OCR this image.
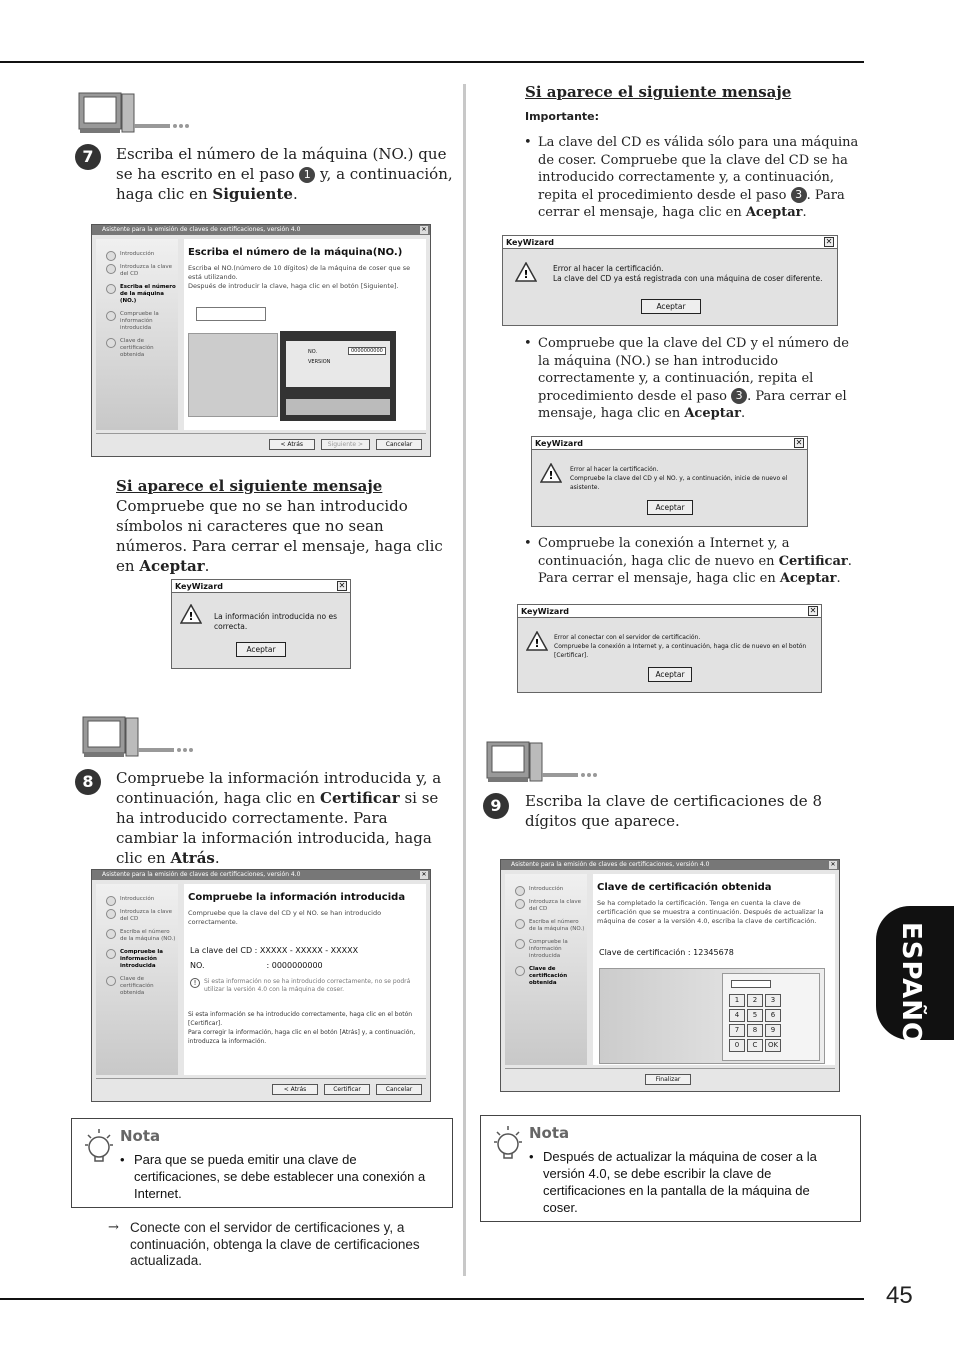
45
ESPAÑOL
7	Escriba el número de la máquina (NO.) que se ha escrito en el paso 1 y, a continuación, haga clic en Siguiente.
Asistente para la emisión de claves de certificaciones, versión 4.0	✕
Introducción
Introduzca la clave del CD
Escriba el número de la máquina (NO.)
Compruebe la información introducida
Clave de certificación obtenida
Escriba el número de la máquina(NO.)
Escriba el NO.(número de 10 dígitos) de la máquina de coser que se está utilizando.
Después de introducir la clave, haga clic en el botón [Siguiente].
NO.	0000000000
VERSION
< Atrás	Siguiente >	Cancelar
Si aparece el siguiente mensaje
Compruebe que no se han introducido símbolos ni caracteres que no sean números. Para cerrar el mensaje, haga clic en Aceptar.
KeyWizard	✕
!	La información introducida no es correcta.
Aceptar
8	Compruebe la información introducida y, a continuación, haga clic en Certificar si se ha introducido correctamente. Para cambiar la información introducida, haga clic en Atrás.
Asistente para la emisión de claves de certificaciones, versión 4.0	✕
Introducción
Introduzca la clave del CD
Escriba el número de la máquina (NO.)
Compruebe la información introducida
Clave de certificación obtenida
Compruebe la información introducida
Compruebe que la clave del CD y el NO. se han introducido correctamente.
La clave del CD : XXXXX - XXXXX - XXXXX
NO.	: 0000000000
!	Si esta información no se ha introducido correctamente, no se podrá utilizar la versión 4.0 con la máquina de coser.
Si esta información se ha introducido correctamente, haga clic en el botón [Certificar].
Para corregir la información, haga clic en el botón [Atrás] y, a continuación, introduzca la información.
< Atrás	Certificar	Cancelar
Nota
• Para que se pueda emitir una clave de certificaciones, se debe establecer una conexión a Internet.
→ Conecte con el servidor de certificaciones y, a continuación, obtenga la clave de certificaciones actualizada.
Si aparece el siguiente mensaje
Importante:
• La clave del CD es válida sólo para una máquina de coser. Compruebe que la clave del CD se ha introducido correctamente y, a continuación, repita el procedimiento desde el paso 3 . Para cerrar el mensaje, haga clic en Aceptar.
KeyWizard	✕
!	Error al hacer la certificación.
La clave del CD ya está registrada con una máquina de coser diferente.
Aceptar
• Compruebe que la clave del CD y el número de la máquina (NO.) se han introducido correctamente y, a continuación, repita el procedimiento desde el paso 3 . Para cerrar el mensaje, haga clic en Aceptar.
KeyWizard	✕
!	Error al hacer la certificación.
Compruebe la clave del CD y el NO. y, a continuación, inicie de nuevo el asistente.
Aceptar
• Compruebe la conexión a Internet y, a continuación, haga clic de nuevo en Certificar. Para cerrar el mensaje, haga clic en Aceptar.
KeyWizard	✕
! Error al conectar con el servidor de certificación.
Compruebe la conexión a Internet y, a continuación, haga clic de nuevo en el botón [Certificar].
Aceptar
9	Escriba la clave de certificaciones de 8 dígitos que aparece.
Asistente para la emisión de claves de certificaciones, versión 4.0	✕
Introducción
Introduzca la clave del CD
Escriba el número de la máquina (NO.)
Compruebe la información introducida
Clave de certificación obtenida
Clave de certificación obtenida
Se ha completado la certificación. Tenga en cuenta la clave de certificación que se muestra a continuación. Después de actualizar la máquina de coser a la versión 4.0, escriba la clave de certificación.
Clave de certificación : 12345678
1	2	3
4	5	6
7	8	9
0	C	OK
Finalizar
Nota
• Después de actualizar la máquina de coser a la versión 4.0, se debe escribir la clave de certificaciones en la pantalla de la máquina de coser.
